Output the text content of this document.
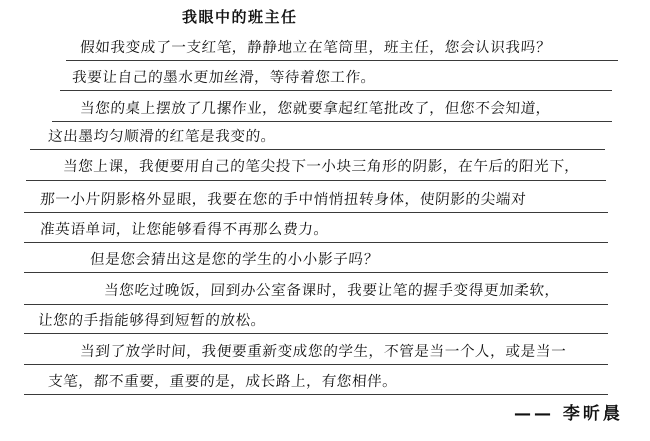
我眼中的班主任
假如我变成了一支红笔，静静地立在笔筒里，班主任，您会认识我吗？
我要让自己的墨水更加丝滑，等待着您工作。
当您的桌上摆放了几摞作业，您就要拿起红笔批改了，但您不会知道，
这出墨均匀顺滑的红笔是我变的。
当您上课，我便要用自己的笔尖投下一小块三角形的阴影，在午后的阳光下，
那一小片阴影格外显眼，我要在您的手中悄悄扭转身体，使阴影的尖端对
准英语单词，让您能够看得不再那么费力。
但是您会猜出这是您的学生的小小影子吗？
当您吃过晚饭，回到办公室备课时，我要让笔的握手变得更加柔软，
让您的手指能够得到短暂的放松。
当到了放学时间，我便要重新变成您的学生，不管是当一个人，或是当一
支笔，都不重要，重要的是，成长路上，有您相伴。
—— 李昕晨
